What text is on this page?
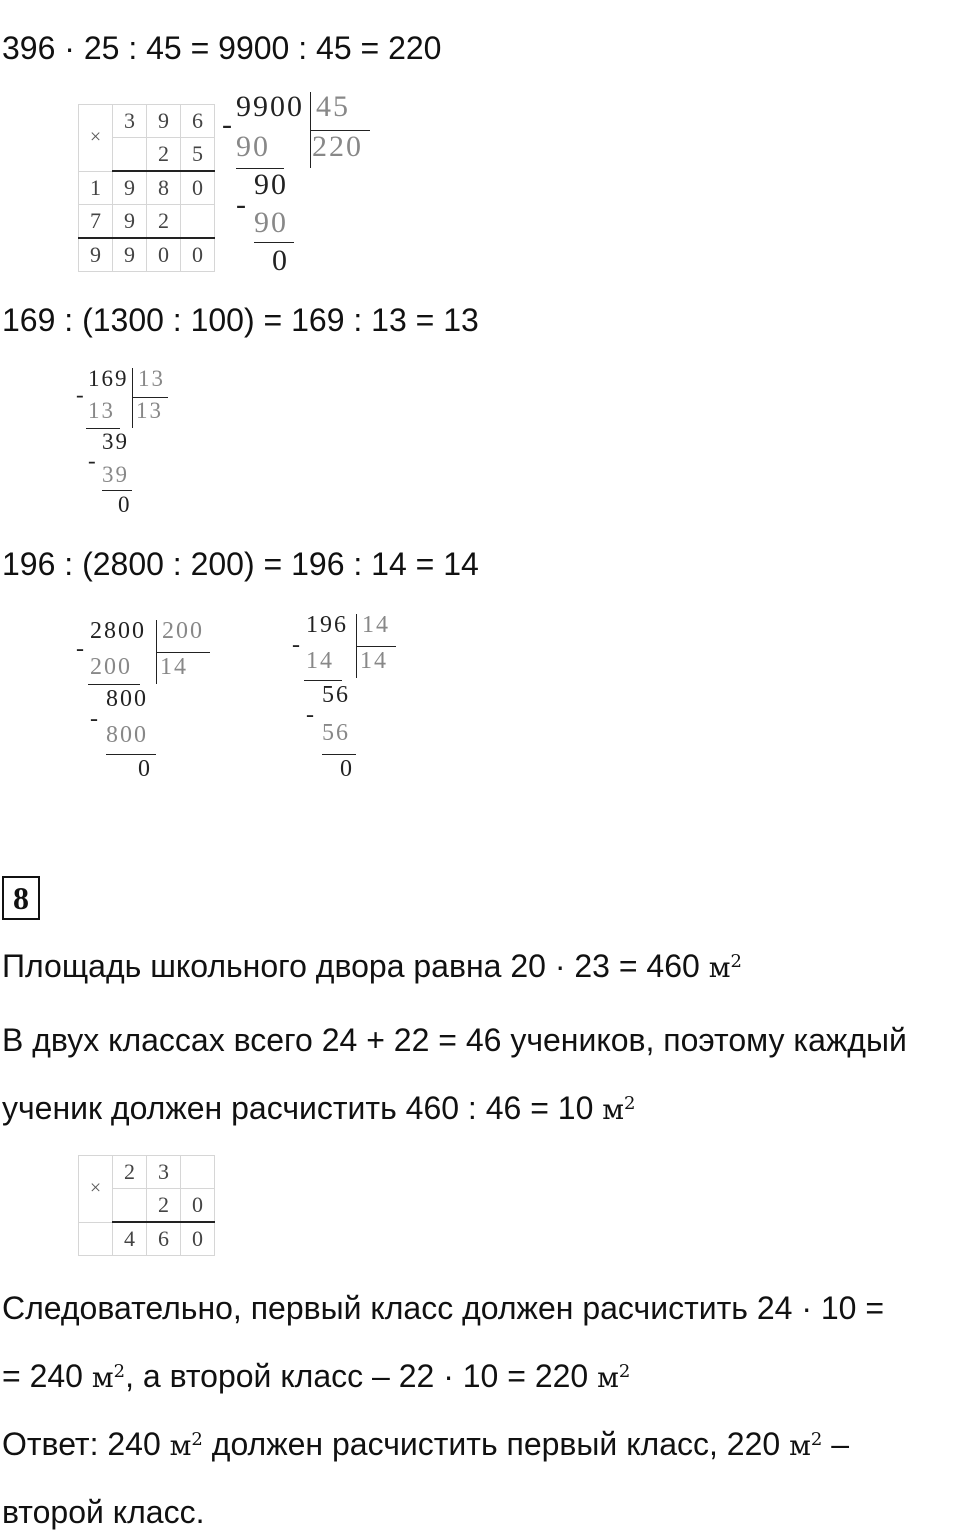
396 · 25 : 45 = 9900 : 45 = 220
×	3	9	6
		2	5
1	9	8	0
7	9	2	
9	9	0	0
-
9900 45
220
90
90
-
90
0
169 : (1300 : 100) = 169 : 13 = 13
-
169 13
13
13
39
-
39
0
196 : (2800 : 200) = 196 : 14 = 14
-
2800 200
14
200
800
-
800
0
-
196 14
14
14
56
-
56
0
8
Площадь школьного двора равна 20 · 23 = 460 $м^2$
В двух классах всего 24 + 22 = 46 учеников, поэтому каждый
ученик должен расчистить 460 : 46 = 10 $м^2$
×	2	3	
		2	0
	4	6	0
Следовательно, первый класс должен расчистить 24 · 10 =
= 240 $м^2$, а второй класс – 22 · 10 = 220 $м^2$
Ответ: 240 $м^2$ должен расчистить первый класс, 220 $м^2$ –
второй класс.
